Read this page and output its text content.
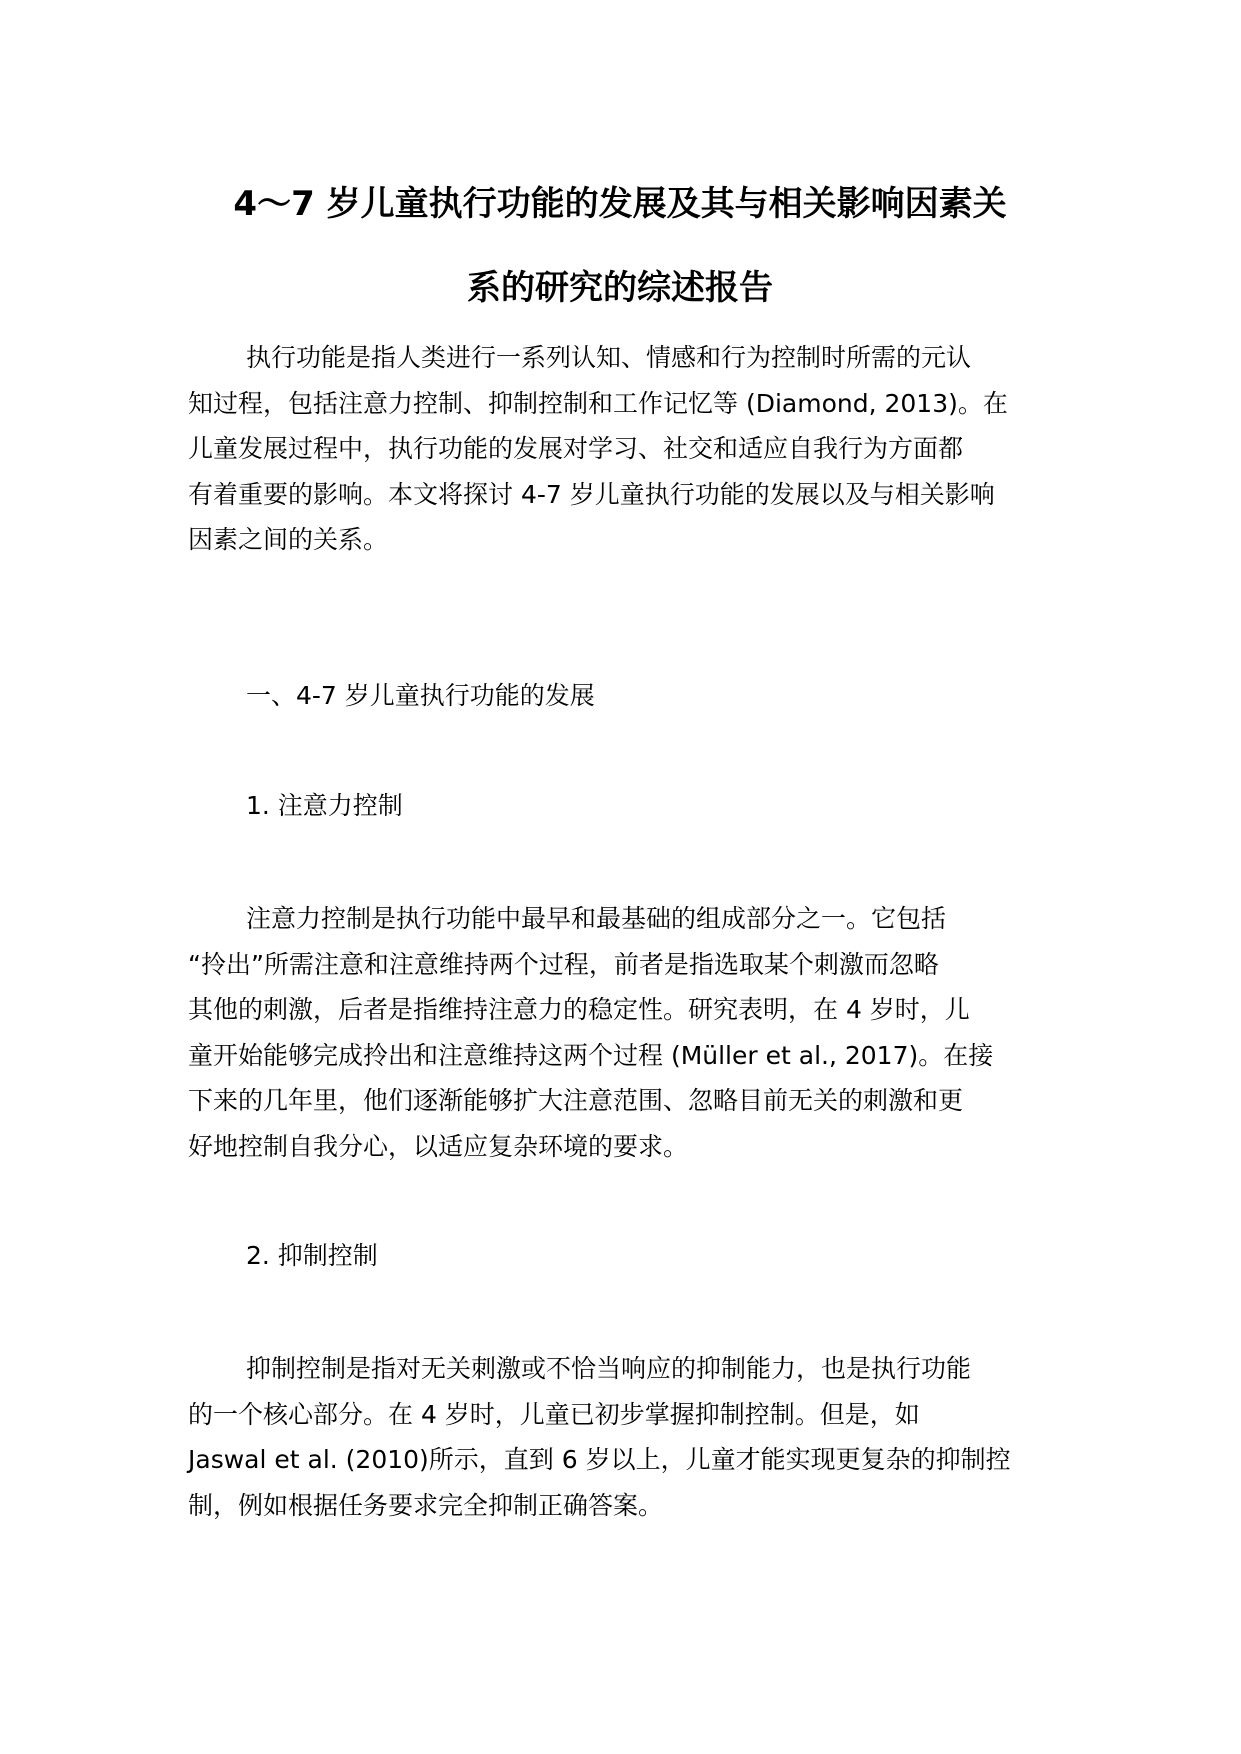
4～7 岁儿童执行功能的发展及其与相关影响因素关
系的研究的综述报告
执行功能是指人类进行一系列认知、情感和行为控制时所需的元认
知过程，包括注意力控制、抑制控制和工作记忆等 (Diamond, 2013)。在
儿童发展过程中，执行功能的发展对学习、社交和适应自我行为方面都
有着重要的影响。本文将探讨 4-7 岁儿童执行功能的发展以及与相关影响
因素之间的关系。
一、4-7 岁儿童执行功能的发展
1. 注意力控制
注意力控制是执行功能中最早和最基础的组成部分之一。它包括
“拎出”所需注意和注意维持两个过程，前者是指选取某个刺激而忽略
其他的刺激，后者是指维持注意力的稳定性。研究表明，在 4 岁时，儿
童开始能够完成拎出和注意维持这两个过程 (Müller et al., 2017)。在接
下来的几年里，他们逐渐能够扩大注意范围、忽略目前无关的刺激和更
好地控制自我分心，以适应复杂环境的要求。
2. 抑制控制
抑制控制是指对无关刺激或不恰当响应的抑制能力，也是执行功能
的一个核心部分。在 4 岁时，儿童已初步掌握抑制控制。但是，如
Jaswal et al. (2010)所示，直到 6 岁以上，儿童才能实现更复杂的抑制控
制，例如根据任务要求完全抑制正确答案。
